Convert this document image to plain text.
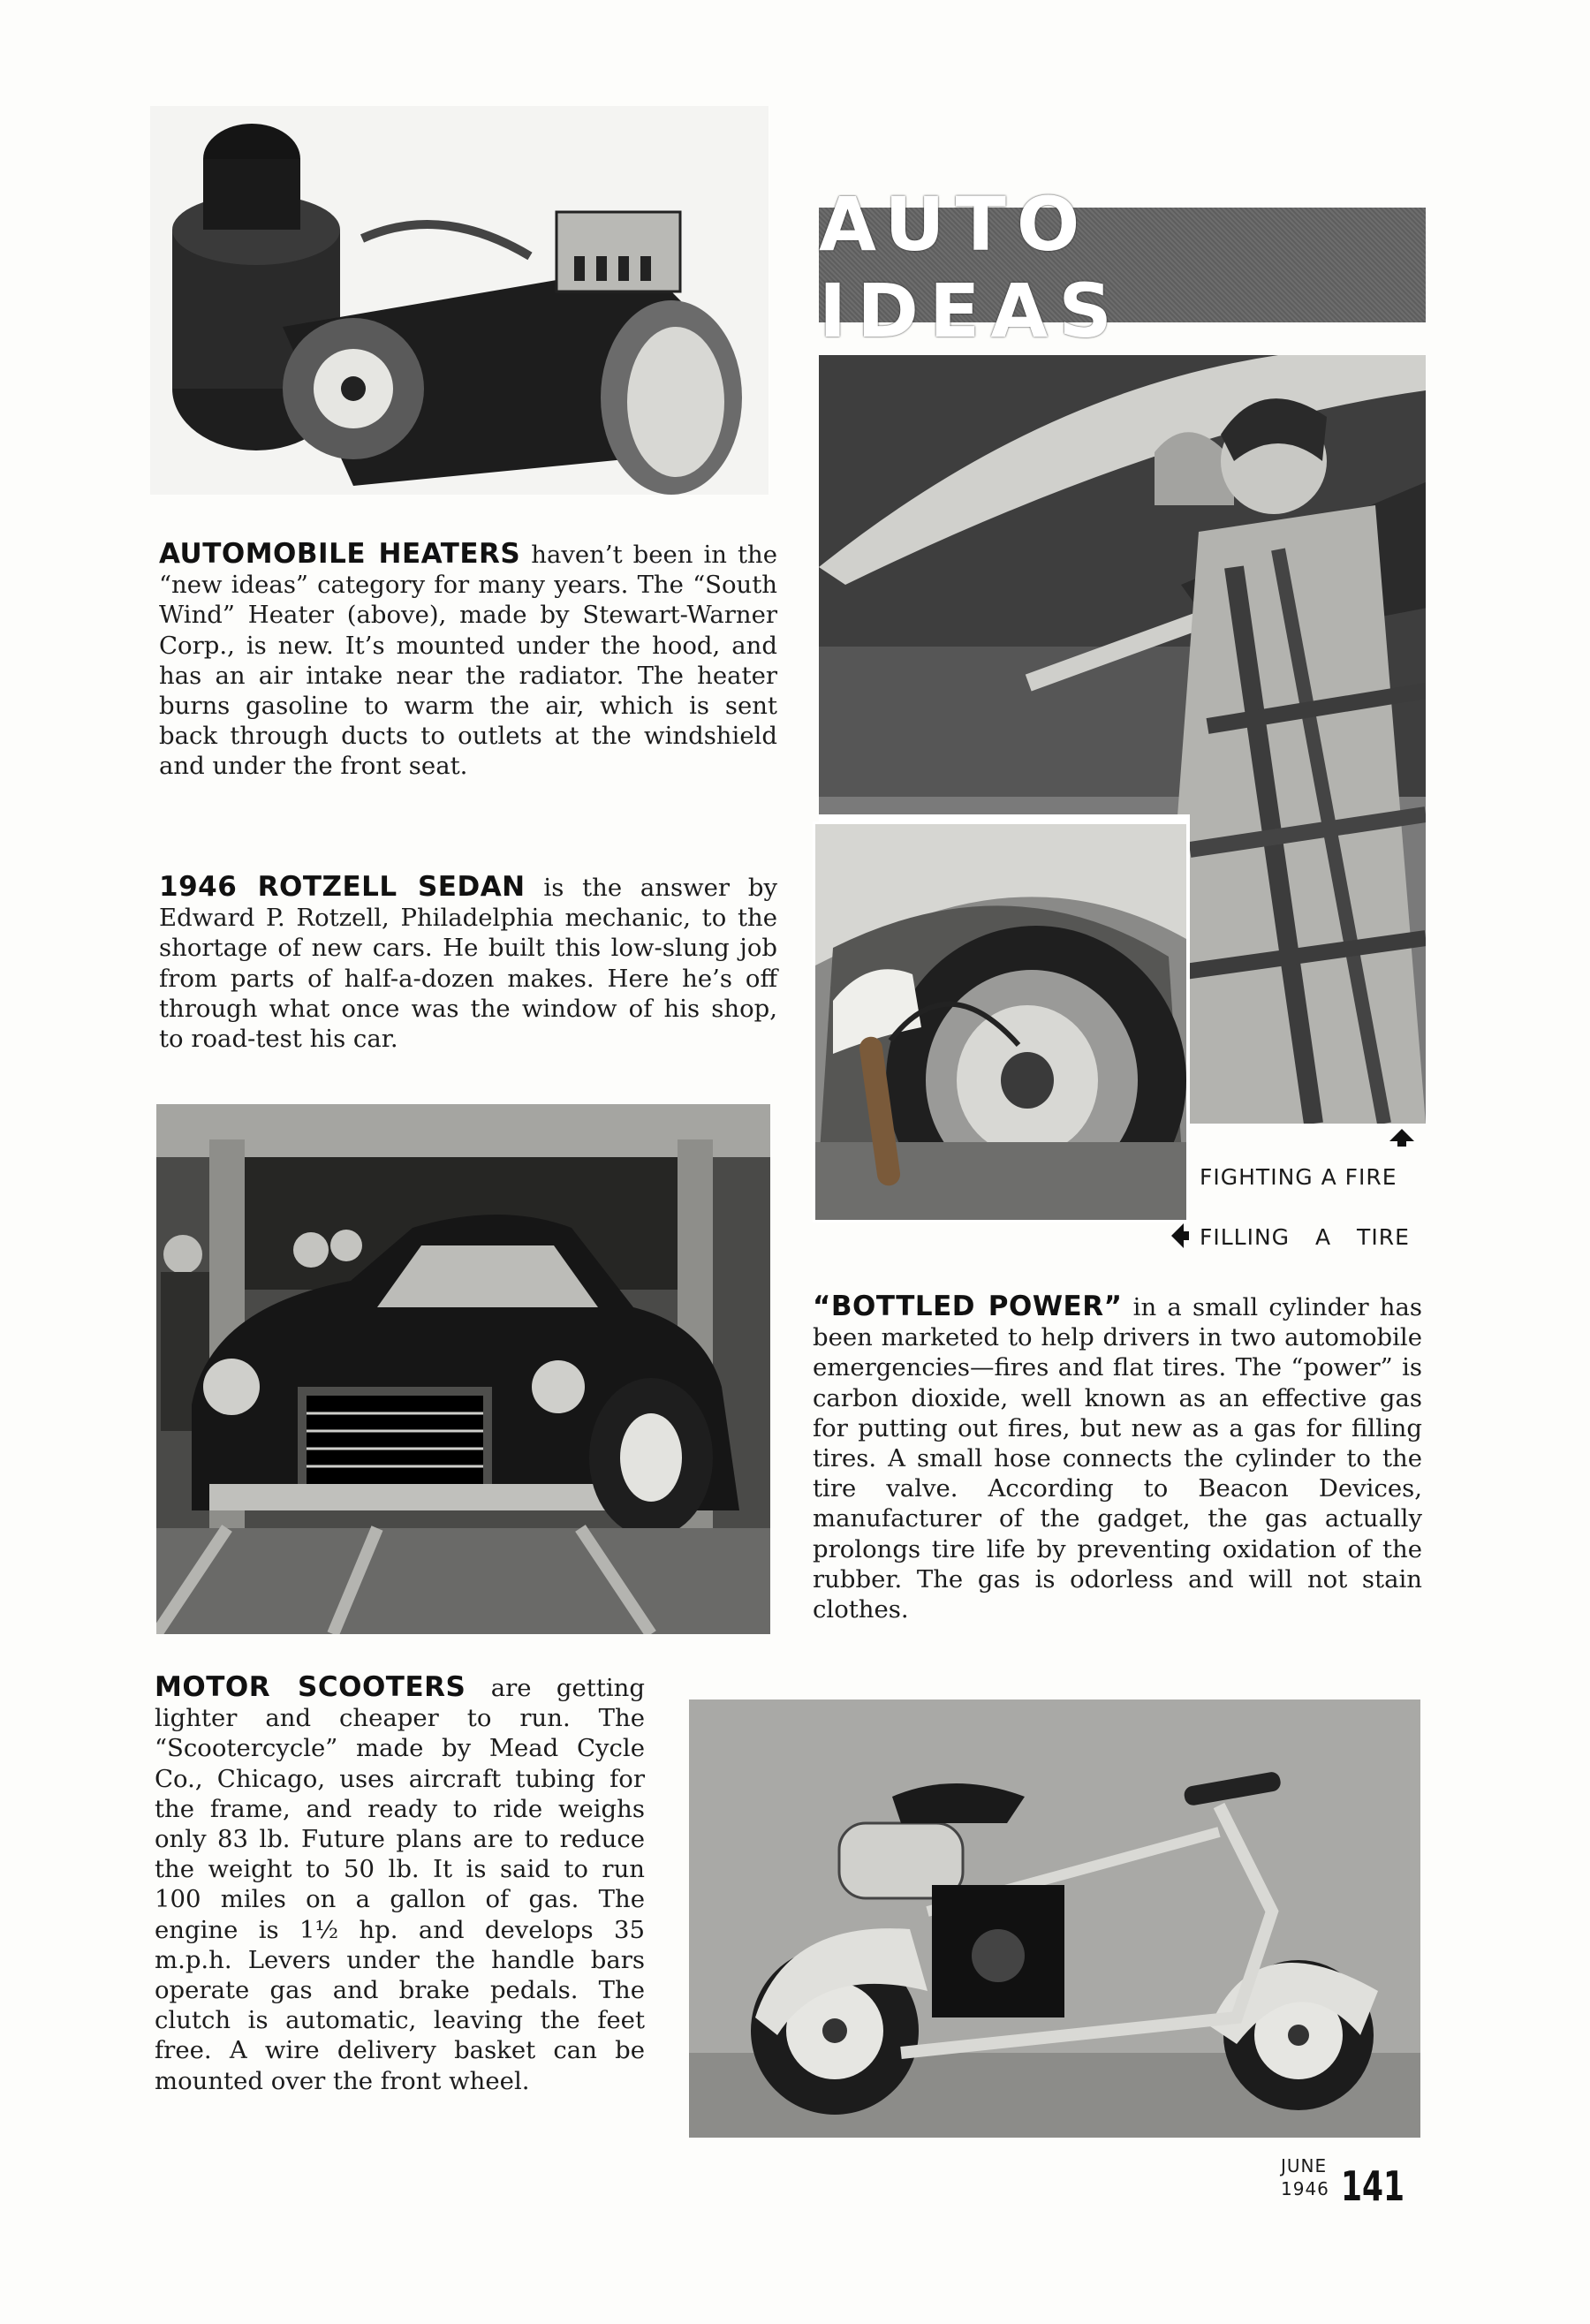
AUTO IDEAS

AUTOMOBILE HEATERS haven’t been in the “new ideas” category for many years. The “South Wind” Heater (above), made by Stewart-Warner Corp., is new. It’s mounted under the hood, and has an air intake near the radiator. The heater burns gasoline to warm the air, which is sent back through ducts to outlets at the windshield and under the front seat.

1946 ROTZELL SEDAN is the answer by Edward P. Rotzell, Philadelphia mechanic, to the shortage of new cars. He built this low-slung job from parts of half-a-dozen makes. Here he’s off through what once was the window of his shop, to road-test his car.

FIGHTING A FIRE
FILLING A TIRE

“BOTTLED POWER” in a small cylinder has been marketed to help drivers in two automobile emergencies—fires and flat tires. The “power” is carbon dioxide, well known as an effective gas for putting out fires, but new as a gas for filling tires. A small hose connects the cylinder to the tire valve. According to Beacon Devices, manufacturer of the gadget, the gas actually prolongs tire life by preventing oxidation of the rubber. The gas is odorless and will not stain clothes.

MOTOR SCOOTERS are getting lighter and cheaper to run. The “Scootercycle” made by Mead Cycle Co., Chicago, uses aircraft tubing for the frame, and ready to ride weighs only 83 lb. Future plans are to reduce the weight to 50 lb. It is said to run 100 miles on a gallon of gas. The engine is 1½ hp. and develops 35 m.p.h. Levers under the handle bars operate gas and brake pedals. The clutch is automatic, leaving the feet free. A wire delivery basket can be mounted over the front wheel.

JUNE
1946 141
